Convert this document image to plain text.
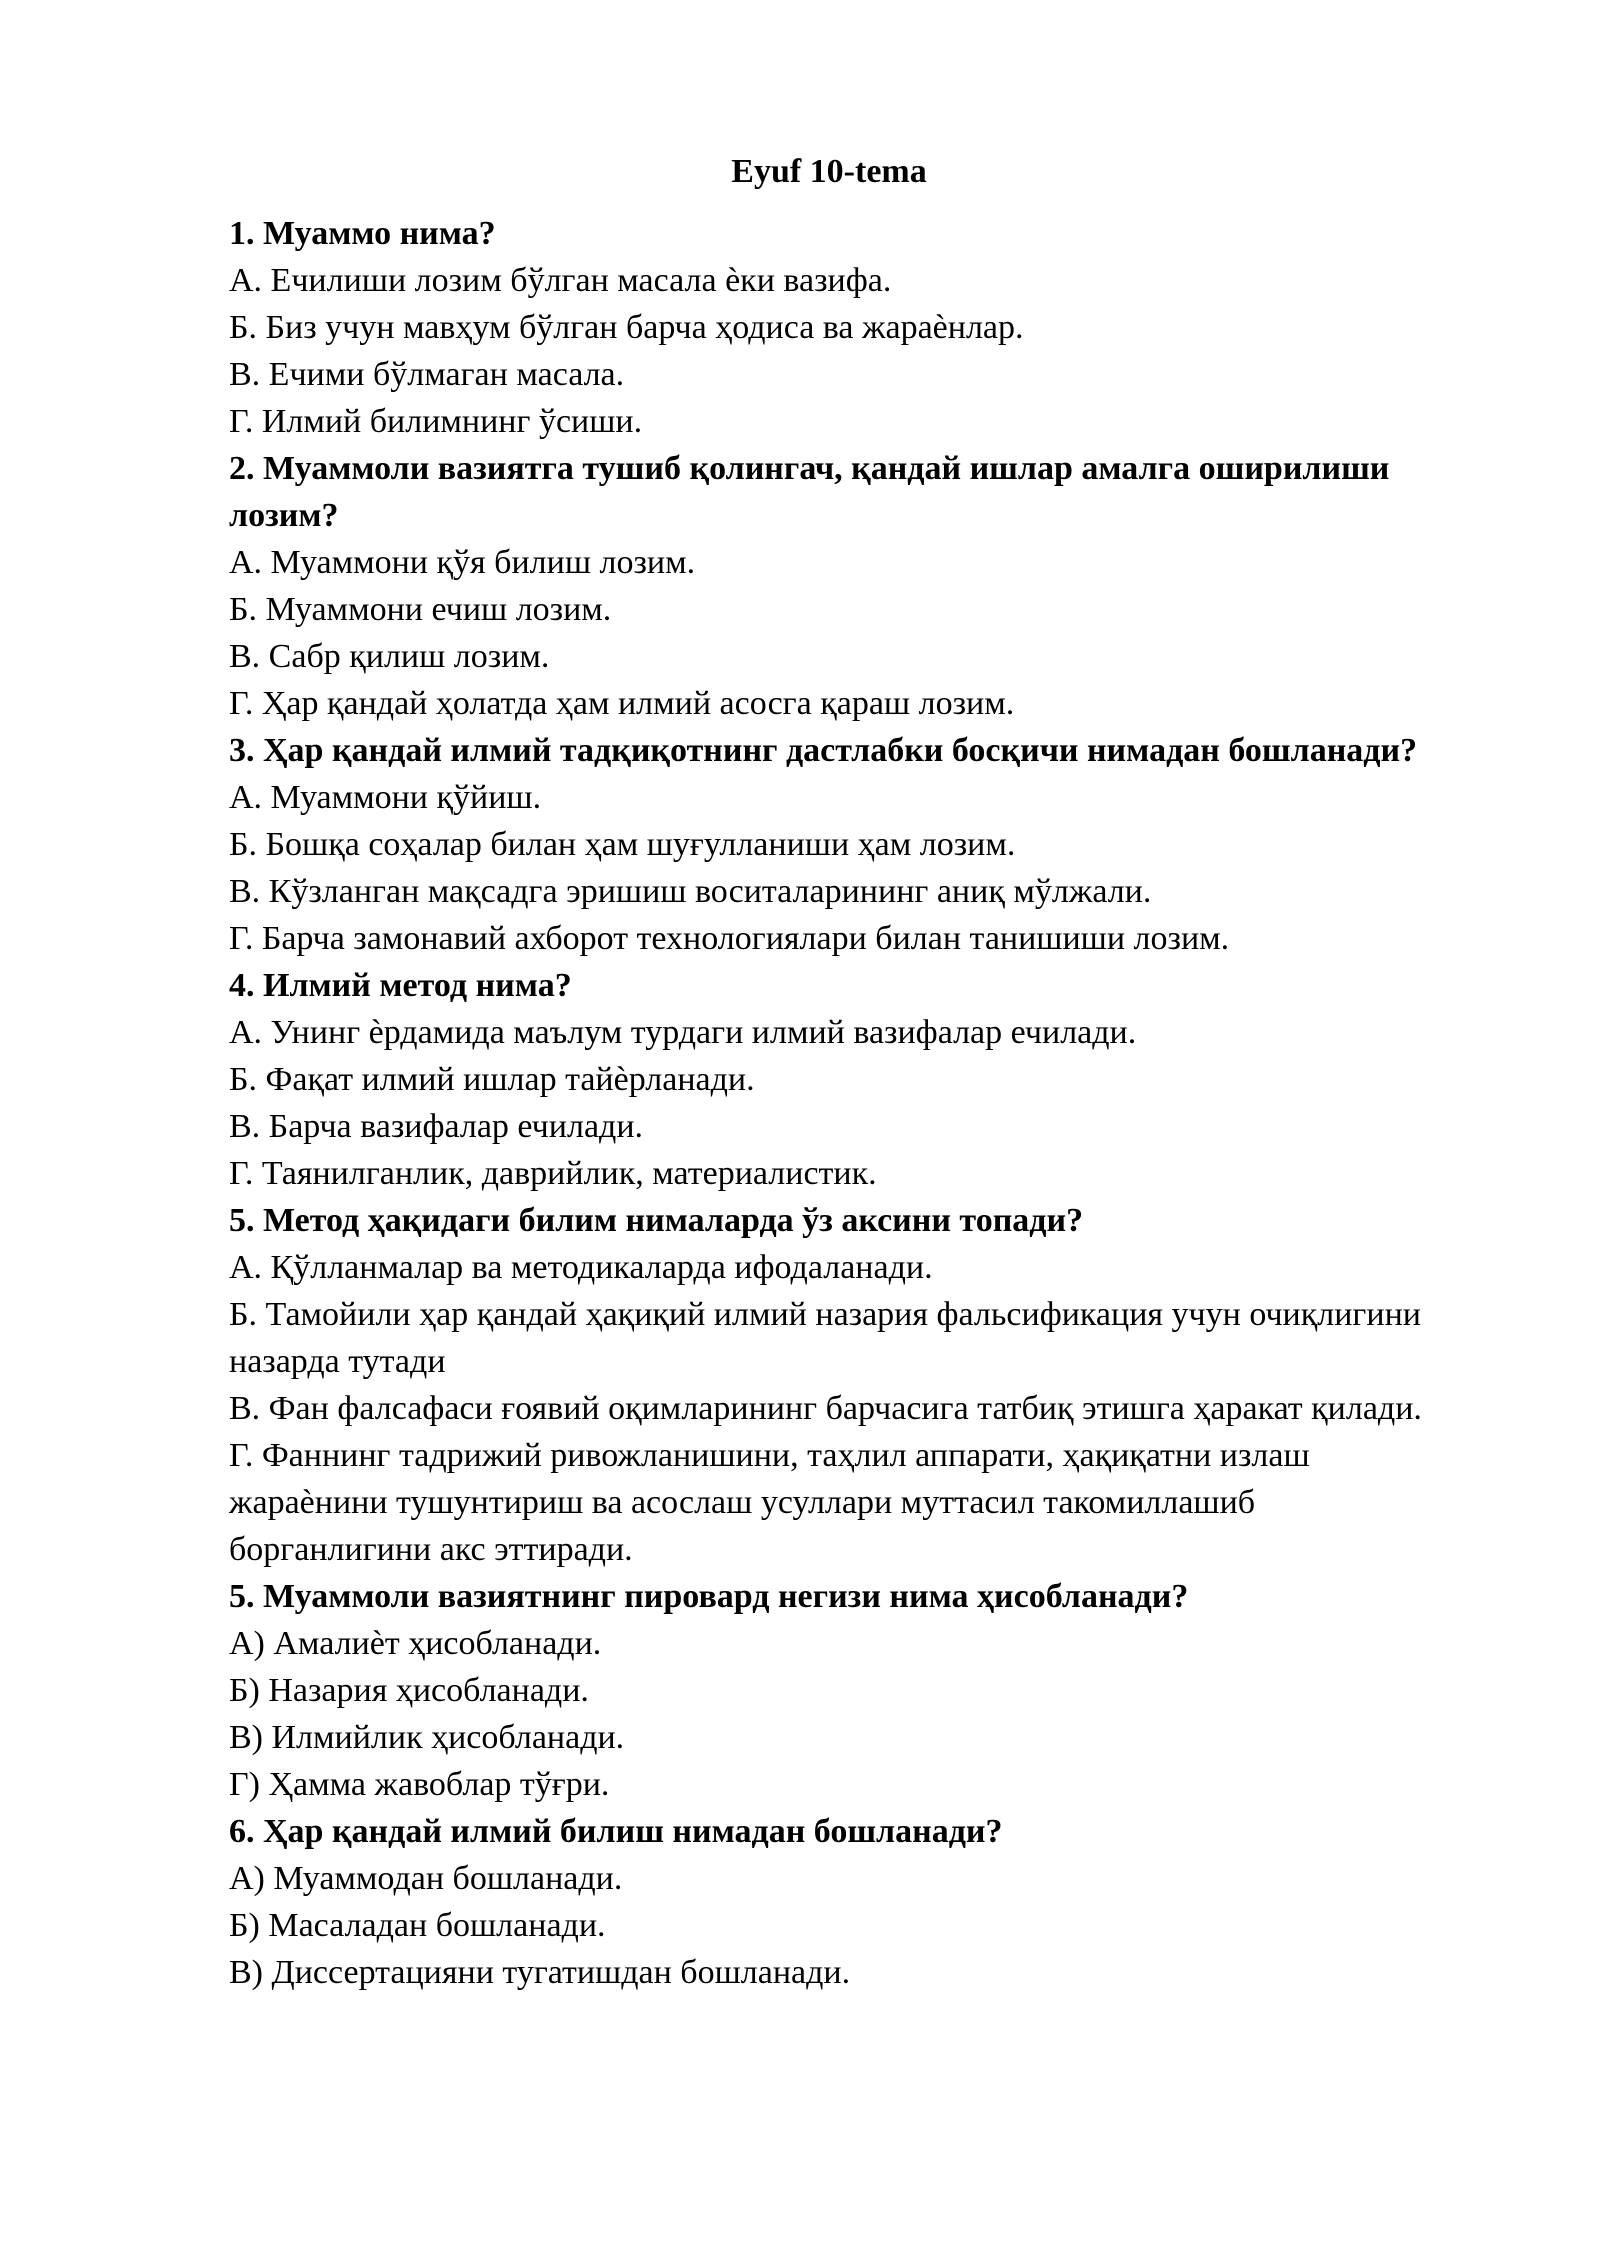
Eyuf 10-tema

1. Муаммо нима?

А. Ечилиши лозим бўлган масала ѐки вазифа.

Б. Биз учун мавҳум бўлган барча ҳодиса ва жараѐнлар.

В. Ечими бўлмаган масала.

Г. Илмий билимнинг ўсиши.

2. Муаммоли вазиятга тушиб қолингач, қандай ишлар амалга оширилиши лозим?

А. Муаммони қўя билиш лозим.

Б. Муаммони ечиш лозим.

В. Сабр қилиш лозим.

Г. Ҳар қандай ҳолатда ҳам илмий асосга қараш лозим.

3. Ҳар қандай илмий тадқиқотнинг дастлабки босқичи нимадан бошланади?

А. Муаммони қўйиш.

Б. Бошқа соҳалар билан ҳам шуғулланиши ҳам лозим.

В. Кўзланган мақсадга эришиш воситаларининг аниқ мўлжали.

Г. Барча замонавий ахборот технологиялари билан танишиши лозим.

4. Илмий метод нима?

А. Унинг ѐрдамида маълум турдаги илмий вазифалар ечилади.

Б. Фақат илмий ишлар тайѐрланади.

В. Барча вазифалар ечилади.

Г. Таянилганлик, даврийлик, материалистик.

5. Метод ҳақидаги билим нималарда ўз аксини топади?

А. Қўлланмалар ва методикаларда ифодаланади.

Б. Тамойили ҳар қандай ҳақиқий илмий назария фальсификация учун очиқлигини назарда тутади

В. Фан фалсафаси ғоявий оқимларининг барчасига татбиқ этишга ҳаракат қилади.

Г. Фаннинг тадрижий ривожланишини, таҳлил аппарати, ҳақиқатни излаш жараѐнини тушунтириш ва асослаш усуллари муттасил такомиллашиб борганлигини акс эттиради.

5. Муаммоли вазиятнинг пировард негизи нима ҳисобланади?

А) Амалиѐт ҳисобланади.

Б) Назария ҳисобланади.

В) Илмийлик ҳисобланади.

Г) Ҳамма жавоблар тўғри.

6. Ҳар қандай илмий билиш нимадан бошланади?

А) Муаммодан бошланади.

Б) Масаладан бошланади.

В) Диссертацияни тугатишдан бошланади.
